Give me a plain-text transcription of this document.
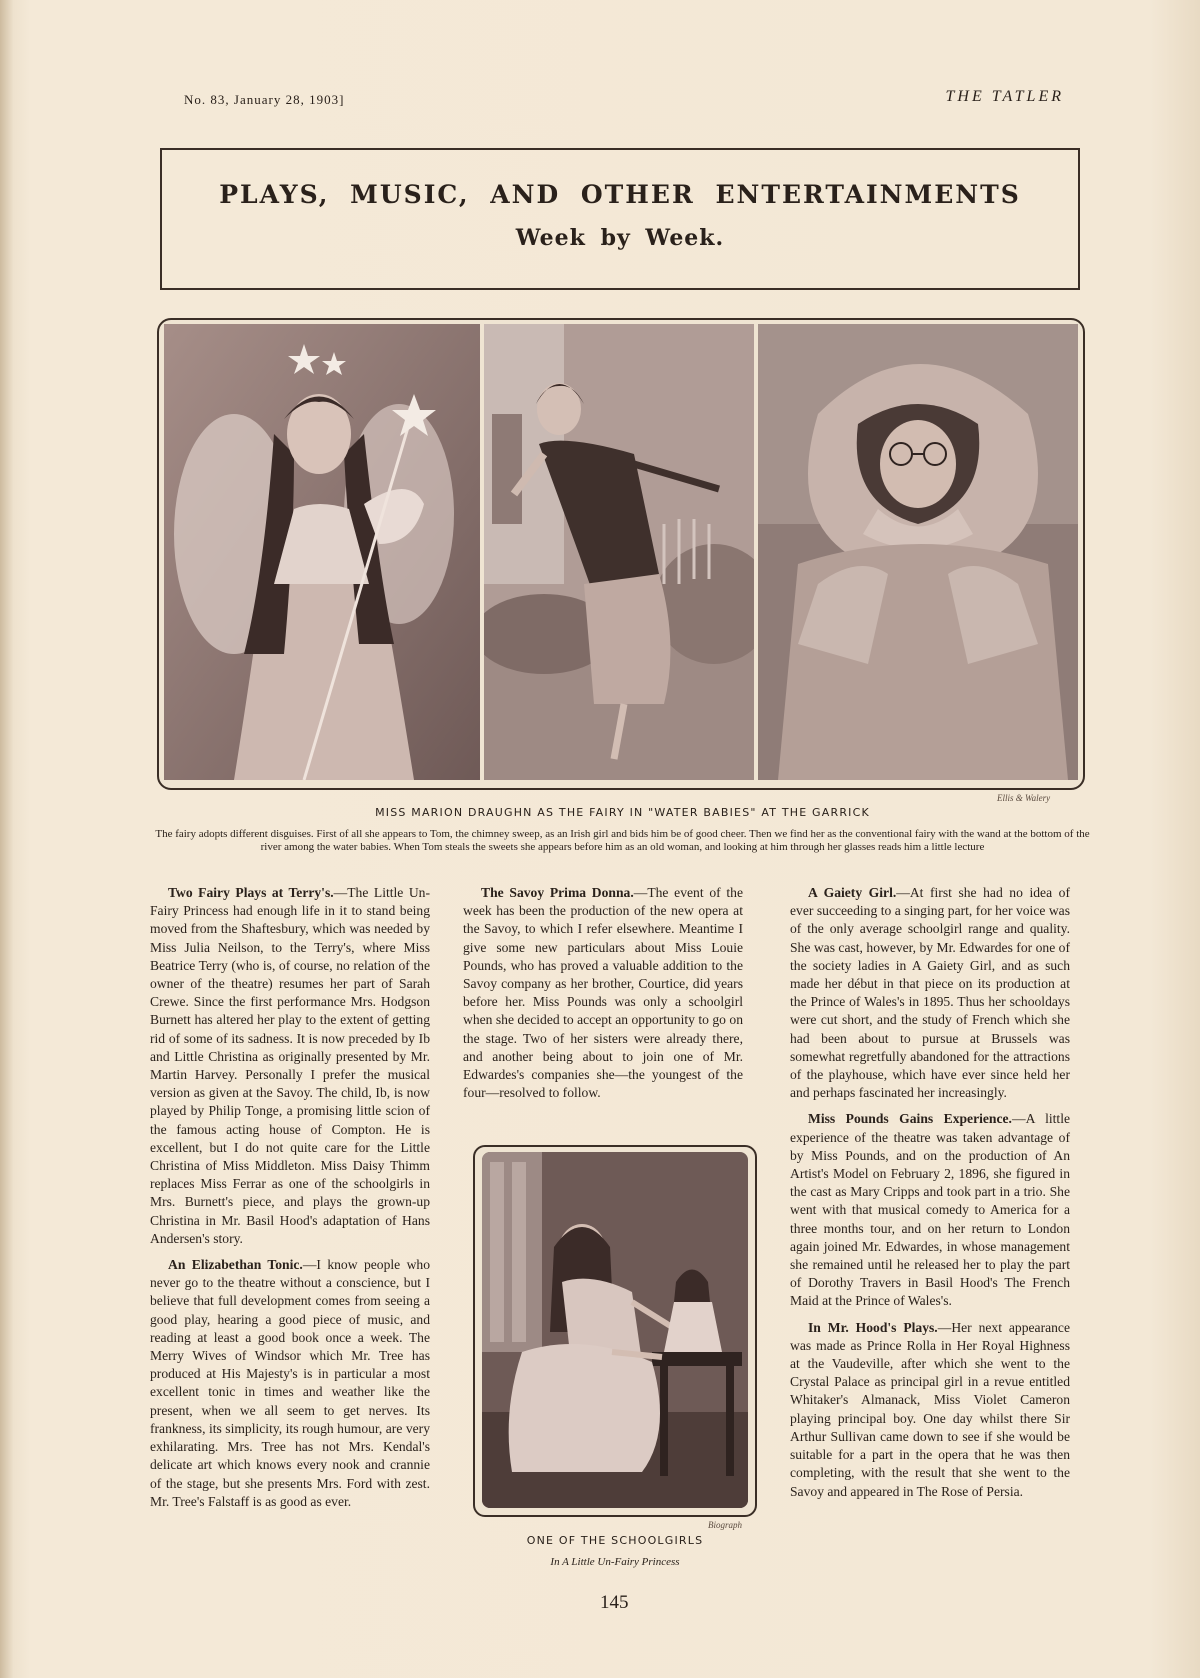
No. 83, January 28, 1903]	THE TATLER
PLAYS, MUSIC, AND OTHER ENTERTAINMENTS
Week by Week.
Ellis & Walery
MISS MARION DRAUGHN AS THE FAIRY IN "WATER BABIES" AT THE GARRICK
The fairy adopts different disguises. First of all she appears to Tom, the chimney sweep, as an Irish girl and bids him be of good cheer. Then we find her as the conventional fairy with the wand at the bottom of the river among the water babies. When Tom steals the sweets she appears before him as an old woman, and looking at him through her glasses reads him a little lecture

Two Fairy Plays at Terry's.—The Little Un-Fairy Princess had enough life in it to stand being moved from the Shaftesbury, which was needed by Miss Julia Neilson, to the Terry's, where Miss Beatrice Terry (who is, of course, no relation of the owner of the theatre) resumes her part of Sarah Crewe. Since the first performance Mrs. Hodgson Burnett has altered her play to the extent of getting rid of some of its sadness. It is now preceded by Ib and Little Christina as originally presented by Mr. Martin Harvey. Personally I prefer the musical version as given at the Savoy. The child, Ib, is now played by Philip Tonge, a promising little scion of the famous acting house of Compton. He is excellent, but I do not quite care for the Little Christina of Miss Middleton. Miss Daisy Thimm replaces Miss Ferrar as one of the schoolgirls in Mrs. Burnett's piece, and plays the grown-up Christina in Mr. Basil Hood's adaptation of Hans Andersen's story.

An Elizabethan Tonic.—I know people who never go to the theatre without a conscience, but I believe that full development comes from seeing a good play, hearing a good piece of music, and reading at least a good book once a week. The Merry Wives of Windsor which Mr. Tree has produced at His Majesty's is in particular a most excellent tonic in times and weather like the present, when we all seem to get nerves. Its frankness, its simplicity, its rough humour, are very exhilarating. Mrs. Tree has not Mrs. Kendal's delicate art which knows every nook and crannie of the stage, but she presents Mrs. Ford with zest. Mr. Tree's Falstaff is as good as ever.

The Savoy Prima Donna.—The event of the week has been the production of the new opera at the Savoy, to which I refer elsewhere. Meantime I give some new particulars about Miss Louie Pounds, who has proved a valuable addition to the Savoy company as her brother, Courtice, did years before her. Miss Pounds was only a schoolgirl when she decided to accept an opportunity to go on the stage. Two of her sisters were already there, and another being about to join one of Mr. Edwardes's companies she—the youngest of the four—resolved to follow.

A Gaiety Girl.—At first she had no idea of ever succeeding to a singing part, for her voice was of the only average schoolgirl range and quality. She was cast, however, by Mr. Edwardes for one of the society ladies in A Gaiety Girl, and as such made her début in that piece on its production at the Prince of Wales's in 1895. Thus her schooldays were cut short, and the study of French which she had been about to pursue at Brussels was somewhat regretfully abandoned for the attractions of the playhouse, which have ever since held her and perhaps fascinated her increasingly.

Miss Pounds Gains Experience.—A little experience of the theatre was taken advantage of by Miss Pounds, and on the production of An Artist's Model on February 2, 1896, she figured in the cast as Mary Cripps and took part in a trio. She went with that musical comedy to America for a three months tour, and on her return to London again joined Mr. Edwardes, in whose management she remained until he released her to play the part of Dorothy Travers in Basil Hood's The French Maid at the Prince of Wales's.

In Mr. Hood's Plays.—Her next appearance was made as Prince Rolla in Her Royal Highness at the Vaudeville, after which she went to the Crystal Palace as principal girl in a revue entitled Whitaker's Almanack, Miss Violet Cameron playing principal boy. One day whilst there Sir Arthur Sullivan came down to see if she would be suitable for a part in the opera that he was then completing, with the result that she went to the Savoy and appeared in The Rose of Persia.

Biograph
ONE OF THE SCHOOLGIRLS
In A Little Un-Fairy Princess
145
